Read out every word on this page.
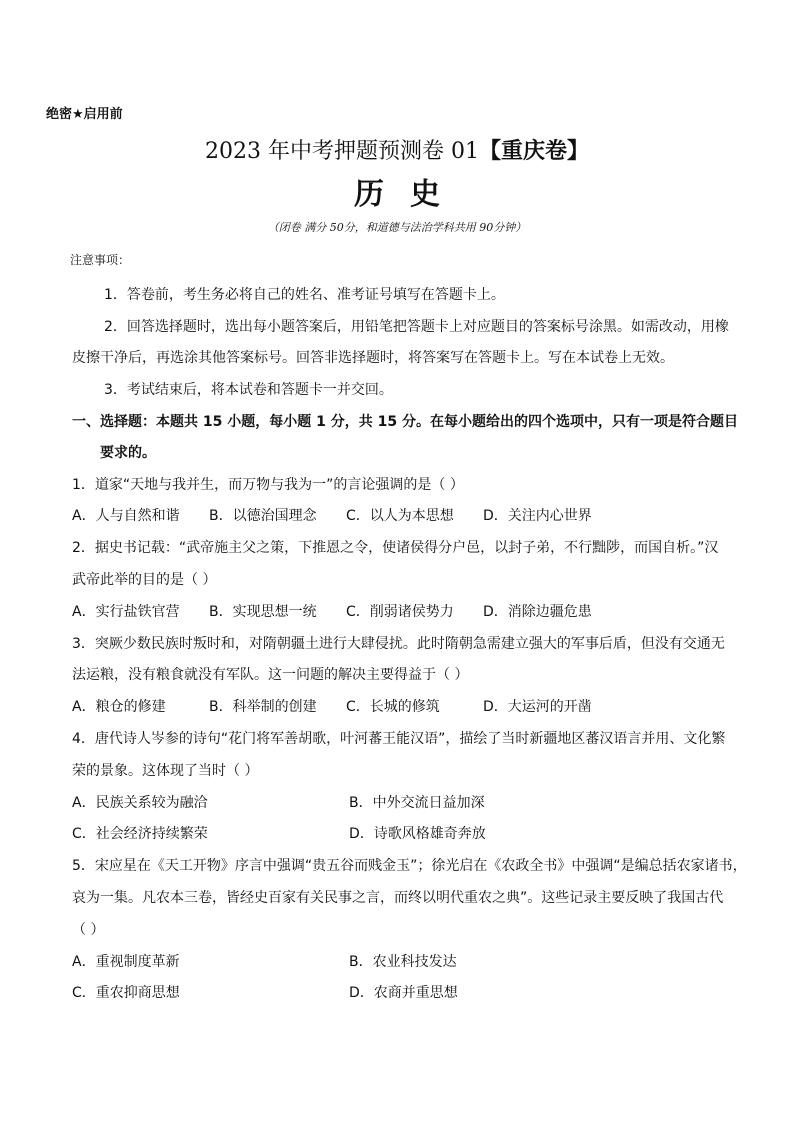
绝密★启用前
2023 年中考押题预测卷 01【重庆卷】
历史
（闭卷 满分 50分，和道德与法治学科共用 90分钟）
注意事项：
1．答卷前，考生务必将自己的姓名、准考证号填写在答题卡上。
2．回答选择题时，选出每小题答案后，用铅笔把答题卡上对应题目的答案标号涂黑。如需改动，用橡
皮擦干净后，再选涂其他答案标号。回答非选择题时，将答案写在答题卡上。写在本试卷上无效。
3．考试结束后，将本试卷和答题卡一并交回。
一、选择题：本题共 15 小题，每小题 1 分，共 15 分。在每小题给出的四个选项中，只有一项是符合题目
要求的。
1．道家“天地与我并生，而万物与我为一”的言论强调的是（ ）
A．人与自然和谐 B．以德治国理念 C．以人为本思想 D．关注内心世界
2．据史书记载：“武帝施主父之策，下推恩之令，使诸侯得分户邑，以封子弟，不行黜陟，而国自析。”汉
武帝此举的目的是（ ）
A．实行盐铁官营 B．实现思想一统 C．削弱诸侯势力 D．消除边疆危患
3．突厥少数民族时叛时和，对隋朝疆土进行大肆侵扰。此时隋朝急需建立强大的军事后盾，但没有交通无
法运粮，没有粮食就没有军队。这一问题的解决主要得益于（ ）
A．粮仓的修建	B．科举制的创建 C．长城的修筑	D．大运河的开凿
4．唐代诗人岑参的诗句“花门将军善胡歌，叶河蕃王能汉语”，描绘了当时新疆地区蕃汉语言并用、文化繁
荣的景象。这体现了当时（ ）
A．民族关系较为融洽	B．中外交流日益加深
C．社会经济持续繁荣	D．诗歌风格雄奇奔放
5．宋应星在《天工开物》序言中强调“贵五谷而贱金玉”；徐光启在《农政全书》中强调“是编总括农家诸书，
哀为一集。凡农本三卷，皆经史百家有关民事之言，而终以明代重农之典”。这些记录主要反映了我国古代
（ ）
A．重视制度革新	B．农业科技发达
C．重农抑商思想	D．农商并重思想
